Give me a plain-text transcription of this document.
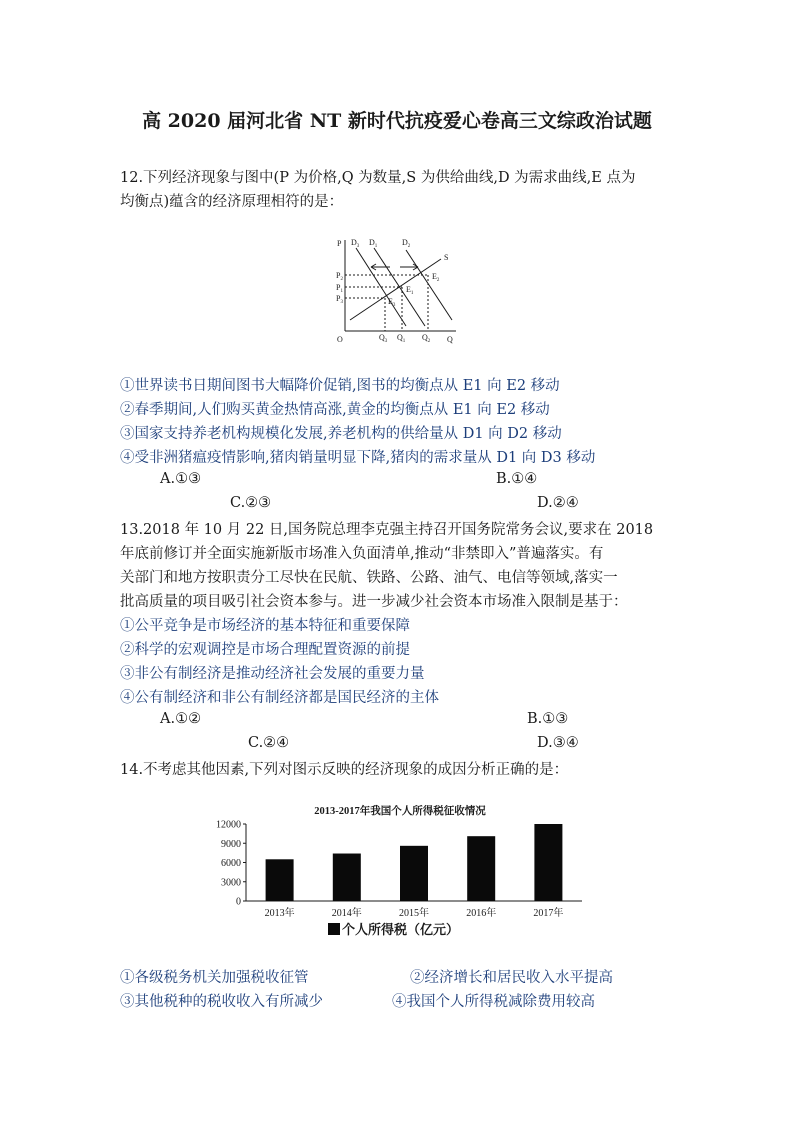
高 2020 届河北省 NT 新时代抗疫爱心卷高三文综政治试题
12.下列经济现象与图中(P 为价格,Q 为数量,S 为供给曲线,D 为需求曲线,E 点为
均衡点)蕴含的经济原理相符的是：
P
Q
O
S
$D_3$ $D_1$	$D_2$
$P_2$
$P_1$
$P_3$
$Q_3$ $Q_1$ $Q_2$
$E_2$
$E_1$
$E_3$
①世界读书日期间图书大幅降价促销,图书的均衡点从 E1 向 E2 移动
②春季期间,人们购买黄金热情高涨,黄金的均衡点从 E1 向 E2 移动
③国家支持养老机构规模化发展,养老机构的供给量从 D1 向 D2 移动
④受非洲猪瘟疫情影响,猪肉销量明显下降,猪肉的需求量从 D1 向 D3 移动
A.①③	B.①④
C.②③	D.②④
13.2018 年 10 月 22 日,国务院总理李克强主持召开国务院常务会议,要求在 2018
年底前修订并全面实施新版市场准入负面清单,推动“非禁即入”普遍落实。有
关部门和地方按职责分工尽快在民航、铁路、公路、油气、电信等领域,落实一
批高质量的项目吸引社会资本参与。进一步减少社会资本市场准入限制是基于：
①公平竞争是市场经济的基本特征和重要保障
②科学的宏观调控是市场合理配置资源的前提
③非公有制经济是推动经济社会发展的重要力量
④公有制经济和非公有制经济都是国民经济的主体
A.①②	B.①③
C.②④	D.③④
14.不考虑其他因素,下列对图示反映的经济现象的成因分析正确的是：
2013-2017年我国个人所得税征收情况
0
3000
6000
9000
12000
2013年	2014年	2015年	2016年	2017年
个人所得税（亿元）
①各级税务机关加强税收征管	②经济增长和居民收入水平提高
③其他税种的税收收入有所减少	④我国个人所得税减除费用较高
